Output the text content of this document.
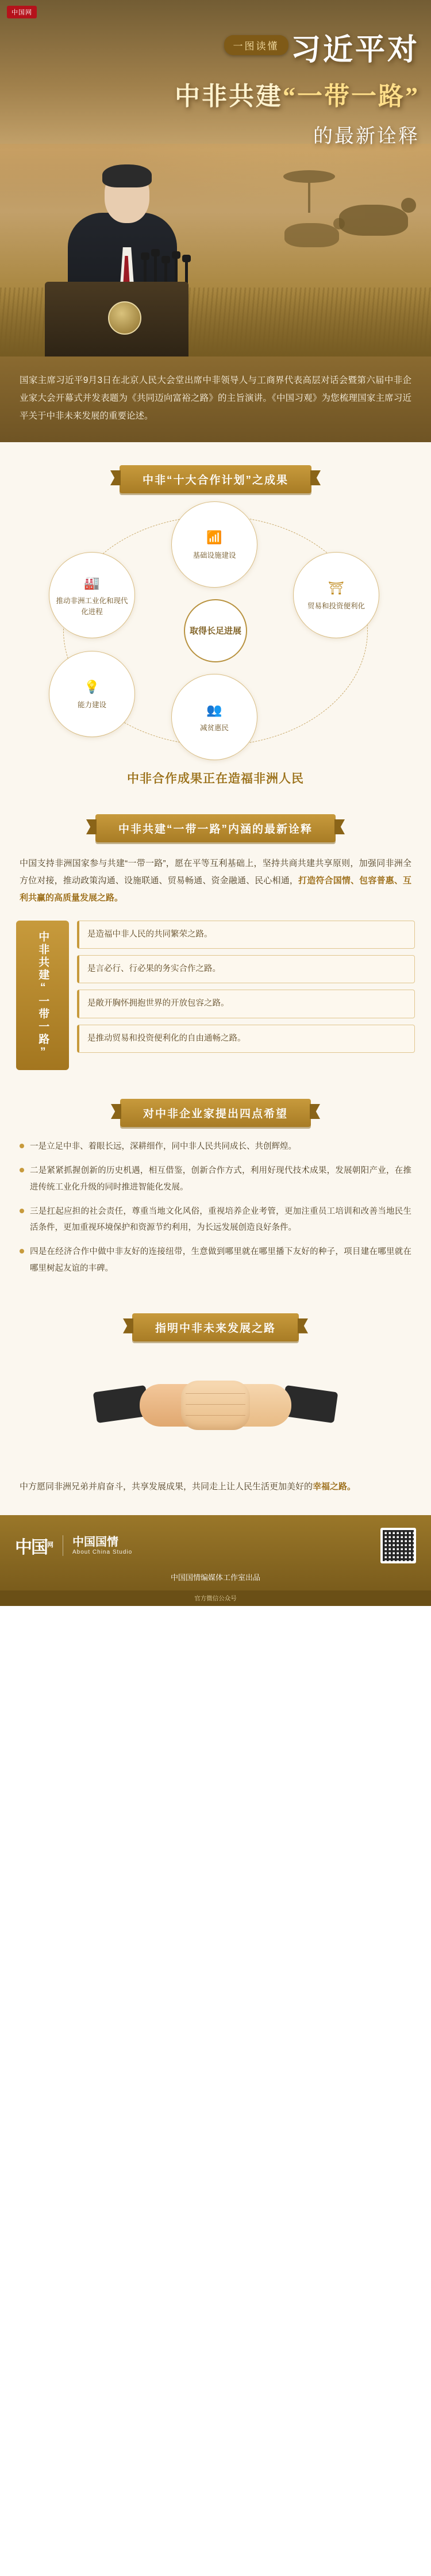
中国网
一图读懂 习近平对
中非共建“一带一路”
的最新诠释
国家主席习近平9月3日在北京人民大会堂出席中非领导人与工商界代表高层对话会暨第六届中非企业家大会开幕式并发表题为《共同迈向富裕之路》的主旨演讲。《中国习观》为您梳理国家主席习近平关于中非未来发展的重要论述。
中非“十大合作计划”之成果
🏭
推动非洲工业化和现代化进程
📶
基础设施建设
⛩
贸易和投资便利化
💡
能力建设	👥
减贫惠民
取得长足进展
中非合作成果正在造福非洲人民
中非共建“一带一路”内涵的最新诠释
中国支持非洲国家参与共建“一带一路”，愿在平等互利基础上，坚持共商共建共享原则，加强同非洲全方位对接，推动政策沟通、设施联通、贸易畅通、资金融通、民心相通，打造符合国情、包容普惠、互利共赢的高质量发展之路。
中非共建“一带一路”	是造福中非人民的共同繁荣之路。
是言必行、行必果的务实合作之路。
是敞开胸怀拥抱世界的开放包容之路。
是推动贸易和投资便利化的自由通畅之路。
对中非企业家提出四点希望
一是立足中非、着眼长远，深耕细作，同中非人民共同成长、共创辉煌。
二是紧紧抓握创新的历史机遇，相互借鉴，创新合作方式，利用好现代技术成果，发展朝阳产业，在推进传统工业化升级的同时推进智能化发展。
三是扛起应担的社会责任，尊重当地文化风俗，重视培养企业考管，更加注重员工培训和改善当地民生活条件，更加重视环境保护和资源节约利用，为长远发展创造良好条件。
四是在经济合作中做中非友好的连接纽带，生意做到哪里就在哪里播下友好的种子，项目建在哪里就在哪里树起友谊的丰碑。
指明中非未来发展之路
中方愿同非洲兄弟并肩奋斗，共享发展成果，共同走上让人民生活更加美好的幸福之路。
中国$^网$ 中国国情
About China Studio
中国国情编媒体工作室出品
官方微信公众号
